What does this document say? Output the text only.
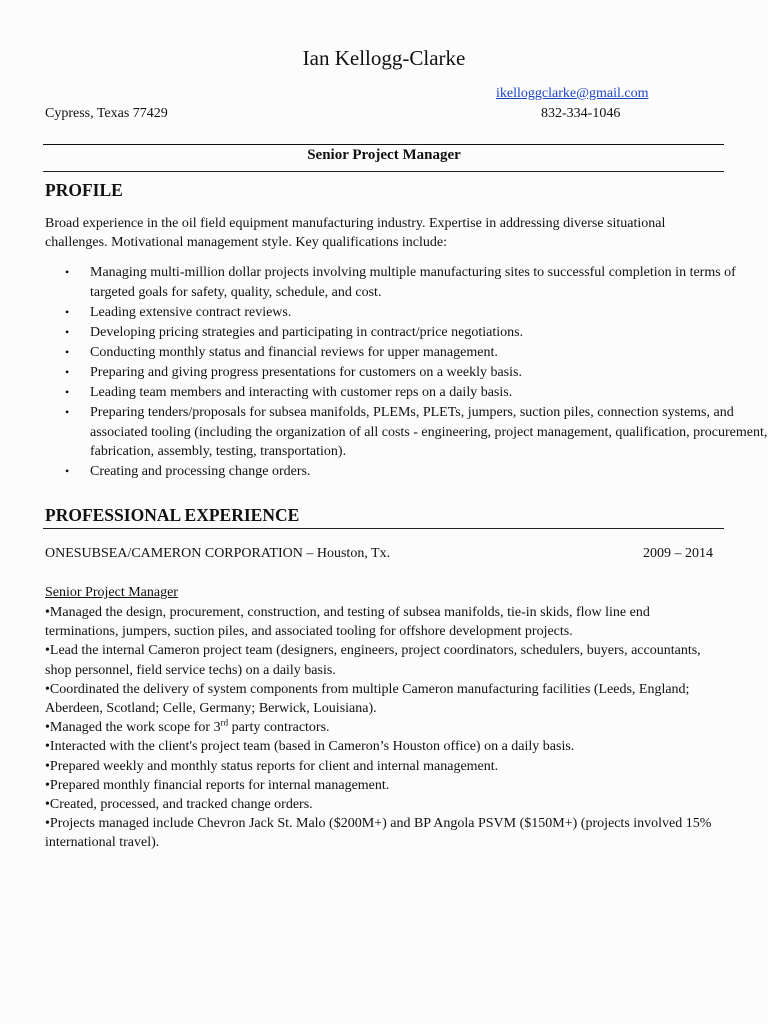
Ian Kellogg-Clarke
ikelloggclarke@gmail.com
Cypress, Texas 77429	832-334-1046
Senior Project Manager
PROFILE
Broad experience in the oil field equipment manufacturing industry. Expertise in addressing diverse situational challenges. Motivational management style. Key qualifications include:
• Managing multi-million dollar projects involving multiple manufacturing sites to successful completion in terms of targeted goals for safety, quality, schedule, and cost.
• Leading extensive contract reviews.
• Developing pricing strategies and participating in contract/price negotiations.
• Conducting monthly status and financial reviews for upper management.
• Preparing and giving progress presentations for customers on a weekly basis.
• Leading team members and interacting with customer reps on a daily basis.
• Preparing tenders/proposals for subsea manifolds, PLEMs, PLETs, jumpers, suction piles, connection systems, and associated tooling (including the organization of all costs - engineering, project management, qualification, procurement, fabrication, assembly, testing, transportation).
• Creating and processing change orders.
PROFESSIONAL EXPERIENCE
ONESUBSEA/CAMERON CORPORATION – Houston, Tx.	2009 – 2014
Senior Project Manager
•Managed the design, procurement, construction, and testing of subsea manifolds, tie-in skids, flow line end terminations, jumpers, suction piles, and associated tooling for offshore development projects.
•Lead the internal Cameron project team (designers, engineers, project coordinators, schedulers, buyers, accountants, shop personnel, field service techs) on a daily basis.
•Coordinated the delivery of system components from multiple Cameron manufacturing facilities (Leeds, England; Aberdeen, Scotland; Celle, Germany; Berwick, Louisiana).
•Managed the work scope for 3rd party contractors.
•Interacted with the client's project team (based in Cameron’s Houston office) on a daily basis.
•Prepared weekly and monthly status reports for client and internal management.
•Prepared monthly financial reports for internal management.
•Created, processed, and tracked change orders.
•Projects managed include Chevron Jack St. Malo ($200M+) and BP Angola PSVM ($150M+) (projects involved 15% international travel).
